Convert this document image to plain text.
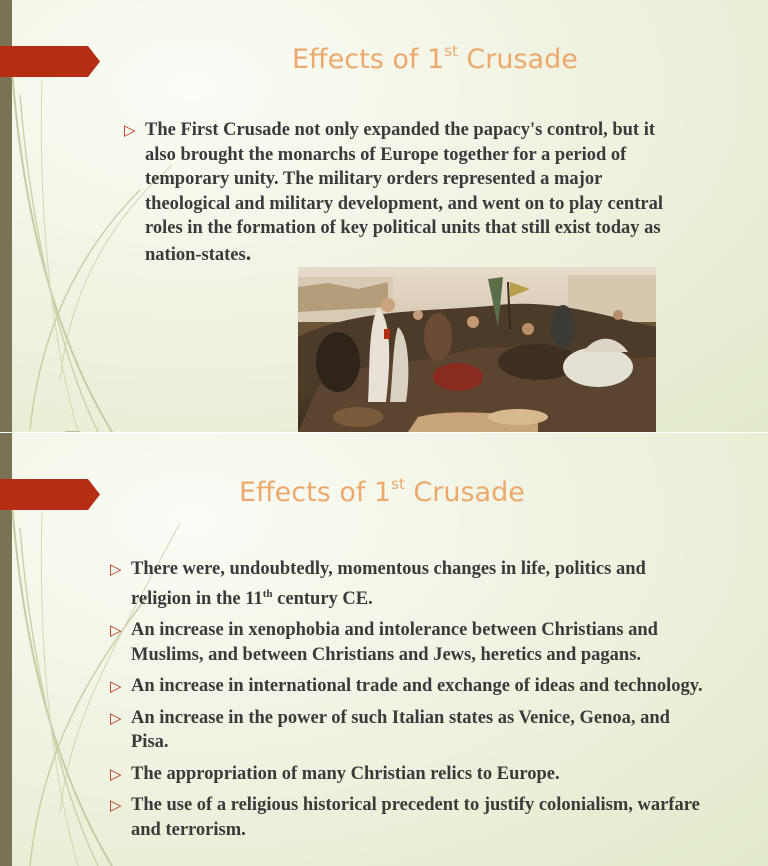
Effects of 1st Crusade
▷ The First Crusade not only expanded the papacy's control, but it also brought the monarchs of Europe together for a period of temporary unity. The military orders represented a major theological and military development, and went on to play central roles in the formation of key political units that still exist today as nation-states.
Effects of 1st Crusade
▷ There were, undoubtedly, momentous changes in life, politics and religion in the 11th century CE.
▷ An increase in xenophobia and intolerance between Christians and Muslims, and between Christians and Jews, heretics and pagans.
▷ An increase in international trade and exchange of ideas and technology.
▷ An increase in the power of such Italian states as Venice, Genoa, and Pisa.
▷ The appropriation of many Christian relics to Europe.
▷ The use of a religious historical precedent to justify colonialism, warfare and terrorism.
